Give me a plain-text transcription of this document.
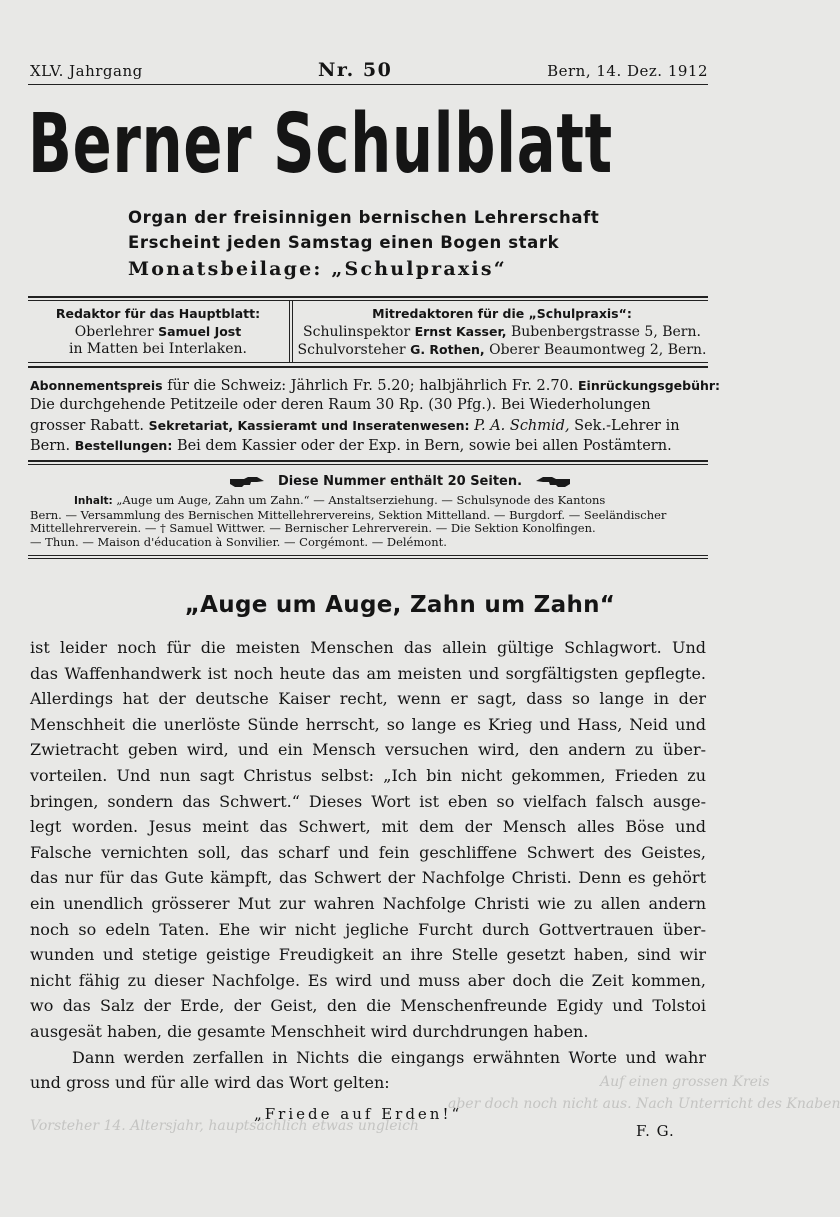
XLV. Jahrgang	Nr. 50	Bern, 14. Dez. 1912
Berner Schulblatt
Organ der freisinnigen bernischen Lehrerschaft
Erscheint jeden Samstag einen Bogen stark
Monatsbeilage: „Schulpraxis“
Redaktor für das Hauptblatt:
Oberlehrer Samuel Jost
in Matten bei Interlaken.
Mitredaktoren für die „Schulpraxis“:
Schulinspektor Ernst Kasser, Bubenbergstrasse 5, Bern.
Schulvorsteher G. Rothen, Oberer Beaumontweg 2, Bern.
Abonnementspreis für die Schweiz: Jährlich Fr. 5.20; halbjährlich Fr. 2.70. Einrückungsgebühr:
Die durchgehende Petitzeile oder deren Raum 30 Rp. (30 Pfg.). Bei Wiederholungen
grosser Rabatt. Sekretariat, Kassieramt und Inseratenwesen: P. A. Schmid, Sek.-Lehrer in
Bern. Bestellungen: Bei dem Kassier oder der Exp. in Bern, sowie bei allen Postämtern.
Diese Nummer enthält 20 Seiten.
Inhalt: „Auge um Auge, Zahn um Zahn.“ — Anstaltserziehung. — Schulsynode des Kantons
Bern. — Versammlung des Bernischen Mittellehrervereins, Sektion Mittelland. — Burgdorf. — Seeländischer
Mittellehrerverein. — † Samuel Wittwer. — Bernischer Lehrerverein. — Die Sektion Konolfingen.
— Thun. — Maison d'éducation à Sonvilier. — Corgémont. — Delémont.
„Auge um Auge, Zahn um Zahn“
ist leider noch für die meisten Menschen das allein gültige Schlagwort. Und
das Waffenhandwerk ist noch heute das am meisten und sorgfältigsten gepflegte.
Allerdings hat der deutsche Kaiser recht, wenn er sagt, dass so lange in der
Menschheit die unerlöste Sünde herrscht, so lange es Krieg und Hass, Neid und
Zwietracht geben wird, und ein Mensch versuchen wird, den andern zu über-
vorteilen. Und nun sagt Christus selbst: „Ich bin nicht gekommen, Frieden zu
bringen, sondern das Schwert.“ Dieses Wort ist eben so vielfach falsch ausge-
legt worden. Jesus meint das Schwert, mit dem der Mensch alles Böse und
Falsche vernichten soll, das scharf und fein geschliffene Schwert des Geistes,
das nur für das Gute kämpft, das Schwert der Nachfolge Christi. Denn es gehört
ein unendlich grösserer Mut zur wahren Nachfolge Christi wie zu allen andern
noch so edeln Taten. Ehe wir nicht jegliche Furcht durch Gottvertrauen über-
wunden und stetige geistige Freudigkeit an ihre Stelle gesetzt haben, sind wir
nicht fähig zu dieser Nachfolge. Es wird und muss aber doch die Zeit kommen,
wo das Salz der Erde, der Geist, den die Menschenfreunde Egidy und Tolstoi
ausgesät haben, die gesamte Menschheit wird durchdrungen haben.
Dann werden zerfallen in Nichts die eingangs erwähnten Worte und wahr
und gross und für alle wird das Wort gelten:	Auf einen grossen Kreis
aber doch noch nicht aus. Nach Unterricht des Knaben
Vorsteher 14. Altersjahr, hauptsächlich etwas ungleich
„Friede auf Erden!“
F. G.
